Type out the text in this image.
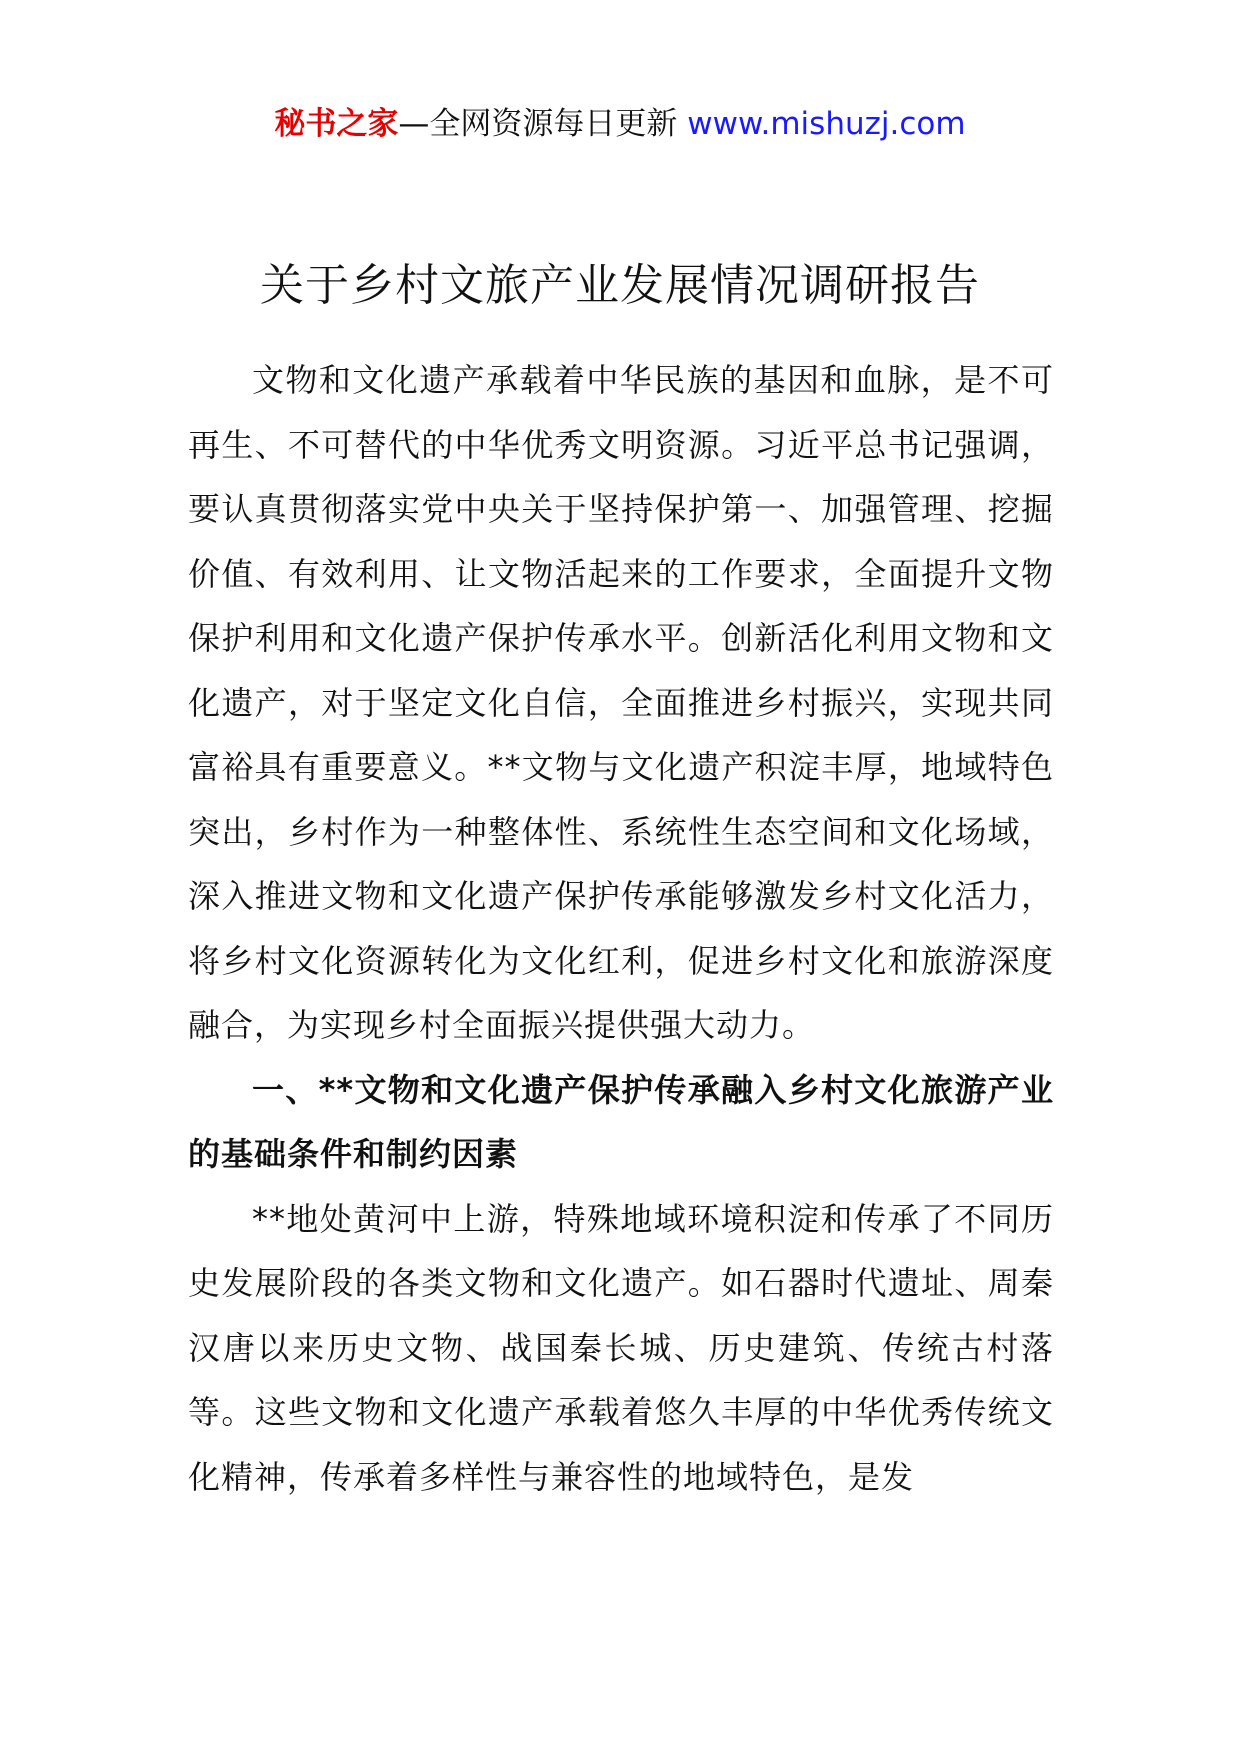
秘书之家—全网资源每日更新 www.mishuzj.com
关于乡村文旅产业发展情况调研报告

文物和文化遗产承载着中华民族的基因和血脉，是不可再生、不可替代的中华优秀文明资源。习近平总书记强调，要认真贯彻落实党中央关于坚持保护第一、加强管理、挖掘价值、有效利用、让文物活起来的工作要求，全面提升文物保护利用和文化遗产保护传承水平。创新活化利用文物和文化遗产，对于坚定文化自信，全面推进乡村振兴，实现共同富裕具有重要意义。**文物与文化遗产积淀丰厚，地域特色突出，乡村作为一种整体性、系统性生态空间和文化场域，深入推进文物和文化遗产保护传承能够激发乡村文化活力，将乡村文化资源转化为文化红利，促进乡村文化和旅游深度融合，为实现乡村全面振兴提供强大动力。

一、**文物和文化遗产保护传承融入乡村文化旅游产业的基础条件和制约因素

**地处黄河中上游，特殊地域环境积淀和传承了不同历史发展阶段的各类文物和文化遗产。如石器时代遗址、周秦汉唐以来历史文物、战国秦长城、历史建筑、传统古村落等。这些文物和文化遗产承载着悠久丰厚的中华优秀传统文化精神，传承着多样性与兼容性的地域特色，是发
